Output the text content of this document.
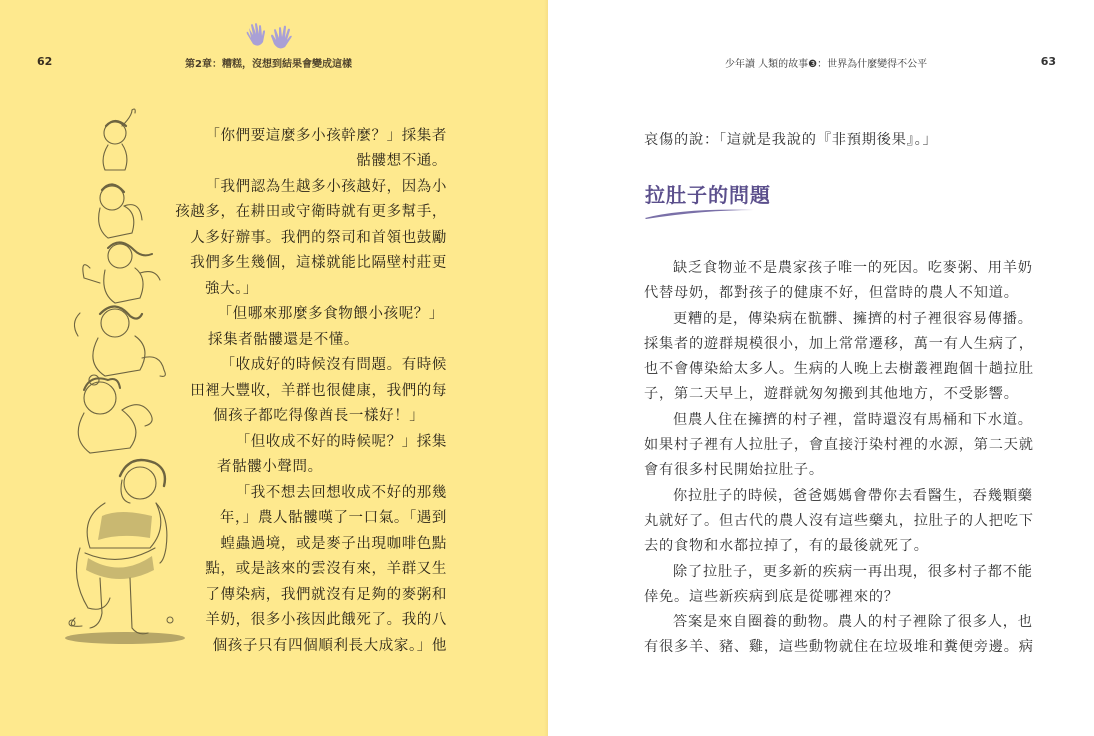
62	第2章：糟糕，沒想到結果會變成這樣
「你們要這麼多小孩幹麼？」採集者
骷髏想不通。
「我們認為生越多小孩越好，因為小
孩越多，在耕田或守衛時就有更多幫手，
人多好辦事。我們的祭司和首領也鼓勵
我們多生幾個，這樣就能比隔壁村莊更
強大。」
「但哪來那麼多食物餵小孩呢？」
採集者骷髏還是不懂。
「收成好的時候沒有問題。有時候
田裡大豐收，羊群也很健康，我們的每
個孩子都吃得像酋長一樣好！」
「但收成不好的時候呢？」採集
者骷髏小聲問。
「我不想去回想收成不好的那幾
年，」農人骷髏嘆了一口氣。「遇到
蝗蟲過境，或是麥子出現咖啡色點
點，或是該來的雲沒有來，羊群又生
了傳染病，我們就沒有足夠的麥粥和
羊奶，很多小孩因此餓死了。我的八
個孩子只有四個順利長大成家。」他
少年讀 人類的故事❸：世界為什麼變得不公平	63
哀傷的說：「這就是我說的『非預期後果』。」
拉肚子的問題
缺乏食物並不是農家孩子唯一的死因。吃麥粥、用羊奶
代替母奶，都對孩子的健康不好，但當時的農人不知道。
更糟的是，傳染病在骯髒、擁擠的村子裡很容易傳播。
採集者的遊群規模很小，加上常常遷移，萬一有人生病了，
也不會傳染給太多人。生病的人晚上去樹叢裡跑個十趟拉肚
子，第二天早上，遊群就匆匆搬到其他地方，不受影響。
但農人住在擁擠的村子裡，當時還沒有馬桶和下水道。
如果村子裡有人拉肚子，會直接汙染村裡的水源，第二天就
會有很多村民開始拉肚子。
你拉肚子的時候，爸爸媽媽會帶你去看醫生，吞幾顆藥
丸就好了。但古代的農人沒有這些藥丸，拉肚子的人把吃下
去的食物和水都拉掉了，有的最後就死了。
除了拉肚子，更多新的疾病一再出現，很多村子都不能
倖免。這些新疾病到底是從哪裡來的？
答案是來自圈養的動物。農人的村子裡除了很多人，也
有很多羊、豬、雞，這些動物就住在垃圾堆和糞便旁邊。病
